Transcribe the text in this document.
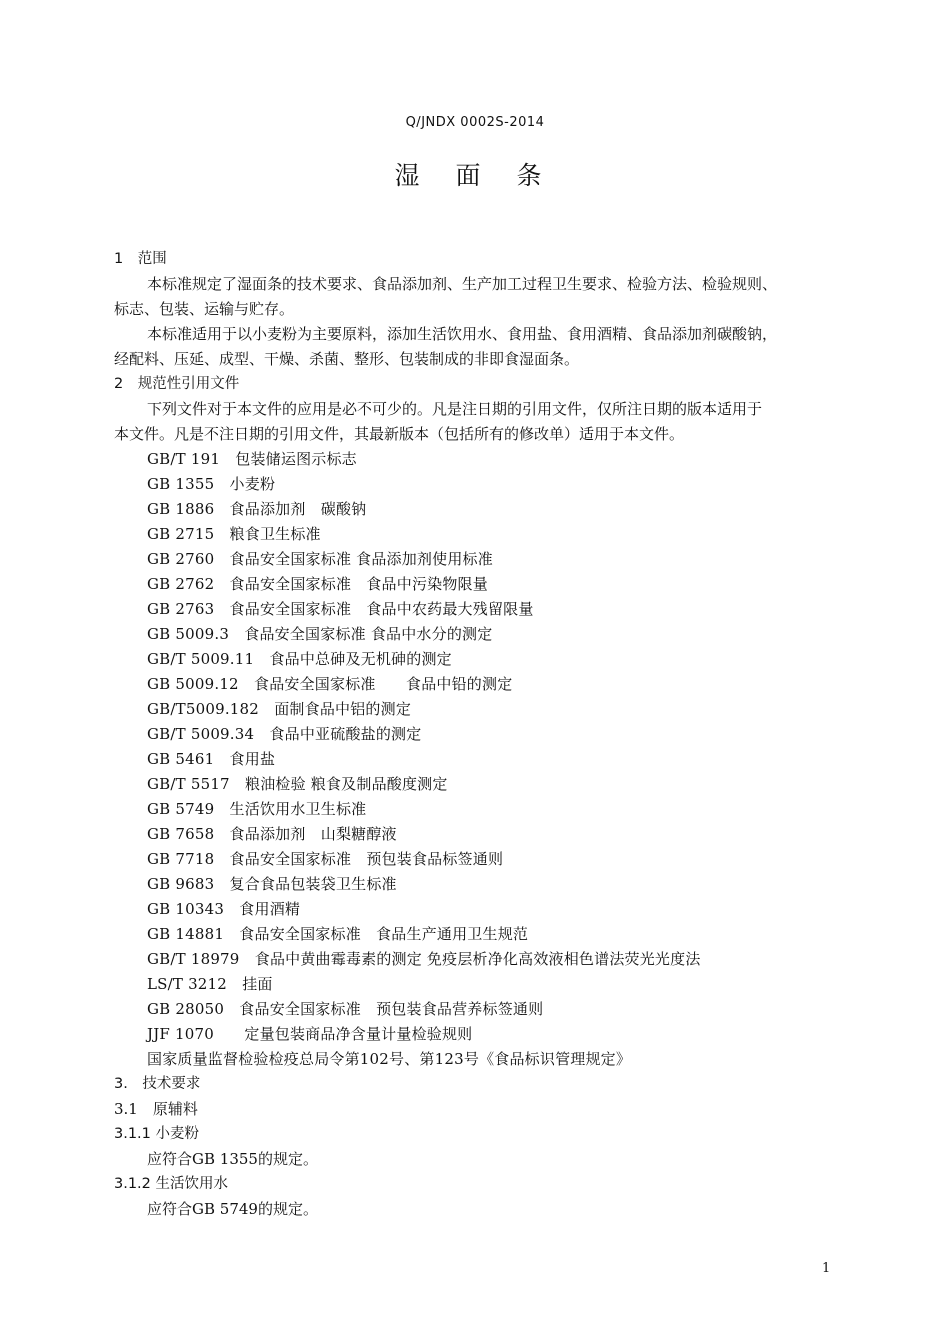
Q/JNDX 0002S-2014
湿 面 条
1　范围
本标准规定了湿面条的技术要求、食品添加剂、生产加工过程卫生要求、检验方法、检验规则、
标志、包装、运输与贮存。
本标准适用于以小麦粉为主要原料，添加生活饮用水、食用盐、食用酒精、食品添加剂碳酸钠，
经配料、压延、成型、干燥、杀菌、整形、包装制成的非即食湿面条。
2　规范性引用文件
下列文件对于本文件的应用是必不可少的。凡是注日期的引用文件，仅所注日期的版本适用于
本文件。凡是不注日期的引用文件，其最新版本（包括所有的修改单）适用于本文件。
GB/T 191　包装储运图示标志
GB 1355　小麦粉
GB 1886　食品添加剂　碳酸钠
GB 2715　粮食卫生标准
GB 2760　食品安全国家标准 食品添加剂使用标准
GB 2762　食品安全国家标准　食品中污染物限量
GB 2763　食品安全国家标准　食品中农药最大残留限量
GB 5009.3　食品安全国家标准 食品中水分的测定
GB/T 5009.11　食品中总砷及无机砷的测定
GB 5009.12　食品安全国家标准　　食品中铅的测定
GB/T5009.182　面制食品中铝的测定
GB/T 5009.34　食品中亚硫酸盐的测定
GB 5461　食用盐
GB/T 5517　粮油检验 粮食及制品酸度测定
GB 5749　生活饮用水卫生标准
GB 7658　食品添加剂　山梨糖醇液
GB 7718　食品安全国家标准　预包装食品标签通则
GB 9683　复合食品包装袋卫生标准
GB 10343　食用酒精
GB 14881　食品安全国家标准　食品生产通用卫生规范
GB/T 18979　食品中黄曲霉毒素的测定 免疫层析净化高效液相色谱法荧光光度法
LS/T 3212　挂面
GB 28050　食品安全国家标准　预包装食品营养标签通则
JJF 1070　　定量包装商品净含量计量检验规则
国家质量监督检验检疫总局令第102号、第123号《食品标识管理规定》
3.　技术要求
3.1　原辅料
3.1.1 小麦粉
应符合GB 1355的规定。
3.1.2 生活饮用水
应符合GB 5749的规定。
1
